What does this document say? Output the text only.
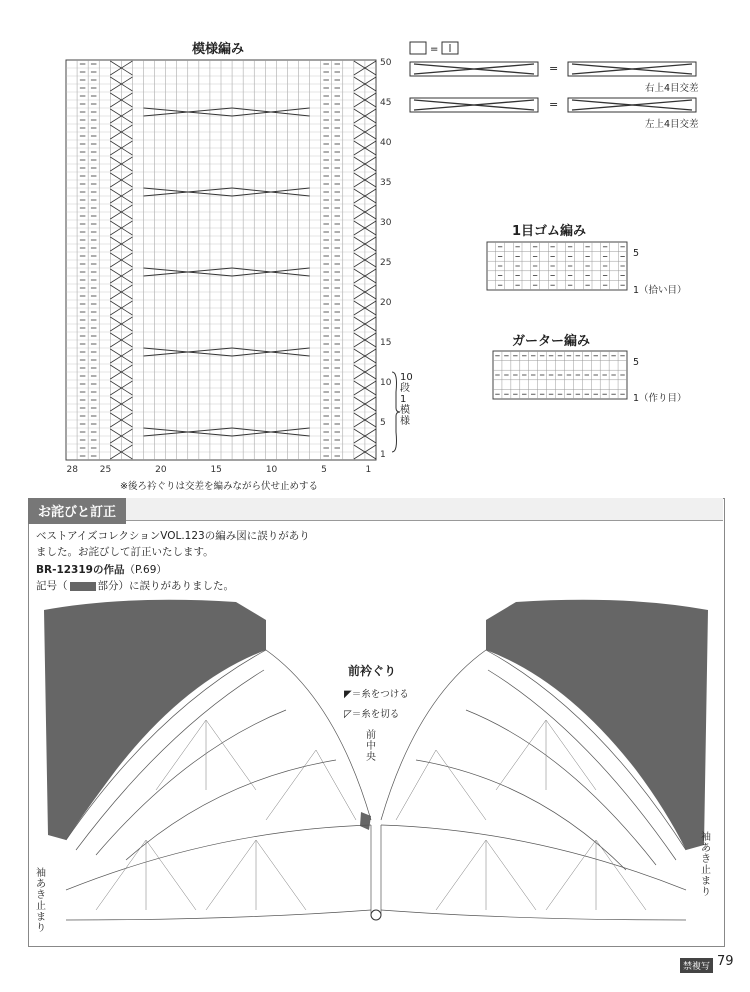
模様編み
50
45
40
35
30
25
20
15
10
5
1
28 25	20	15	10	5	1
10段1模様
※後ろ衿ぐりは交差を編みながら伏せ止めする
=
=
右上4目交差
=
左上4目交差
1目ゴム編み
5
1（拾い目）
ガーター編み
5
1（作り目）
お詫びと訂正
ベストアイズコレクションVOL.123の編み図に誤りがあり
ました。お詫びして訂正いたします。
BR-12319の作品（P.69）
記号（	部分）に誤りがありました。
前衿ぐり
◤＝糸をつける
◸＝糸を切る
前中央
袖あき止まり
袖あき止まり
禁複写 79
